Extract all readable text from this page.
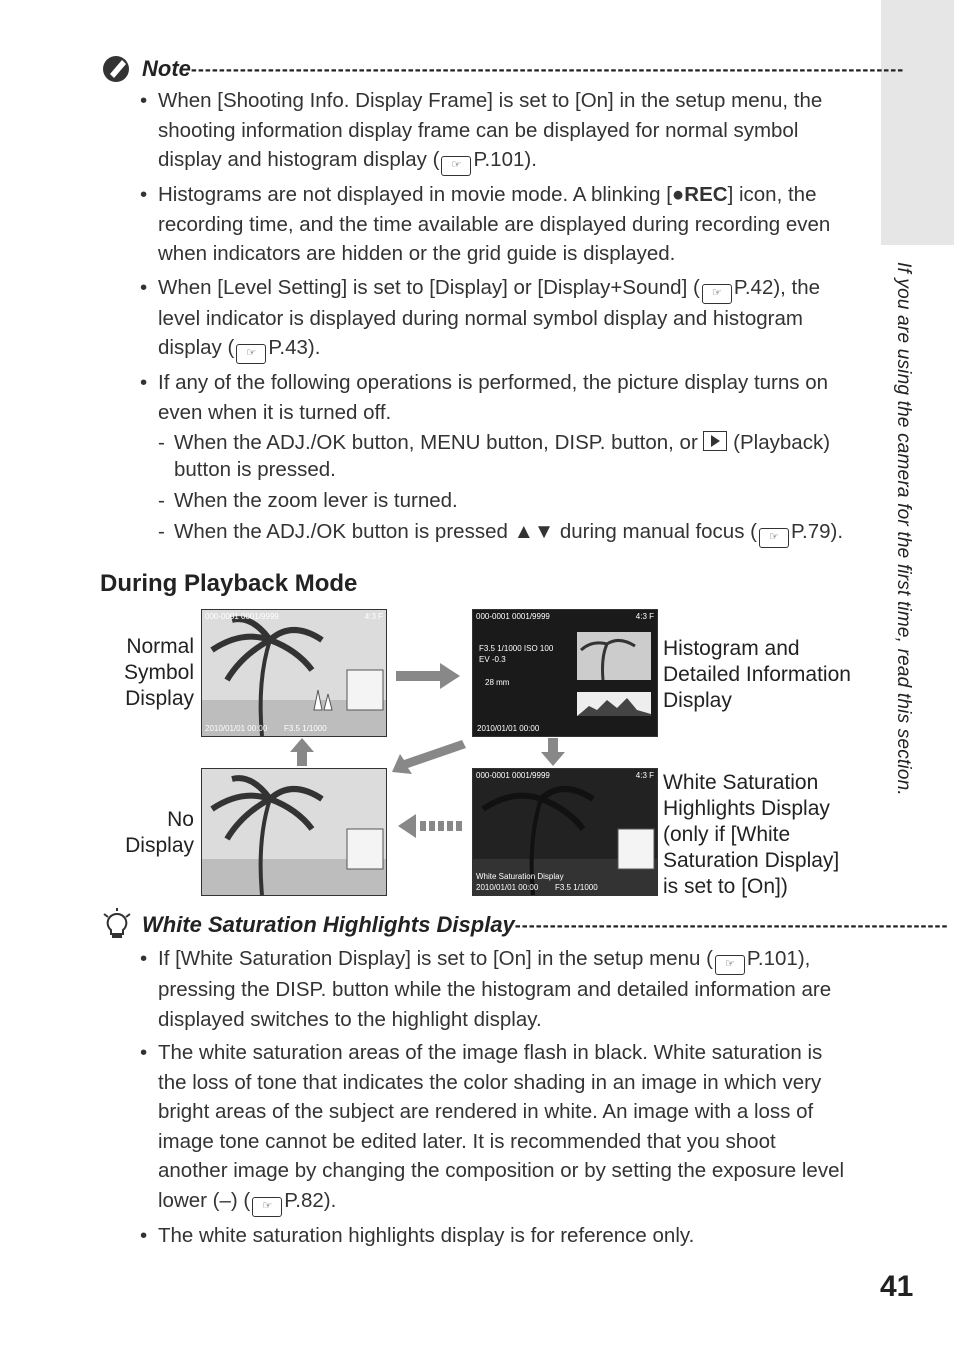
If you are using the camera for the first time, read this section.
Note ------------------------------------------------------------------------------------------------------
• When [Shooting Info. Display Frame] is set to [On] in the setup menu, the shooting information display frame can be displayed for normal symbol display and histogram display ( ☞ P.101).
• Histograms are not displayed in movie mode. A blinking [●REC] icon, the recording time, and the time available are displayed during recording even when indicators are hidden or the grid guide is displayed.
• When [Level Setting] is set to [Display] or [Display+Sound] ( ☞ P.42), the level indicator is displayed during normal symbol display and histogram display ( ☞ P.43).
• If any of the following operations is performed, the picture display turns on even when it is turned off.
- When the ADJ./OK button, MENU button, DISP. button, or  (Playback) button is pressed.
- When the zoom lever is turned.
- When the ADJ./OK button is pressed ▲▼ during manual focus ( ☞ P.79).
During Playback Mode
Normal Symbol Display
Histogram and Detailed Information Display
No Display
White Saturation Highlights Display (only if [White Saturation Display] is set to [On])
000-0001 0001/9999	4:3 F
2010/01/01 00:00 F3.5 1/1000
000-0001 0001/9999	4:3 F
F3.5 1/1000 ISO 100
EV -0.3
28 mm
2010/01/01 00:00
000-0001 0001/9999	4:3 F
White Saturation Display
2010/01/01 00:00 F3.5 1/1000
White Saturation Highlights Display --------------------------------------------------------------
• If [White Saturation Display] is set to [On] in the setup menu ( ☞ P.101), pressing the DISP. button while the histogram and detailed information are displayed switches to the highlight display.
• The white saturation areas of the image flash in black. White saturation is the loss of tone that indicates the color shading in an image in which very bright areas of the subject are rendered in white. An image with a loss of image tone cannot be edited later. It is recommended that you shoot another image by changing the composition or by setting the exposure level lower (–) ( ☞ P.82).
• The white saturation highlights display is for reference only.
41
